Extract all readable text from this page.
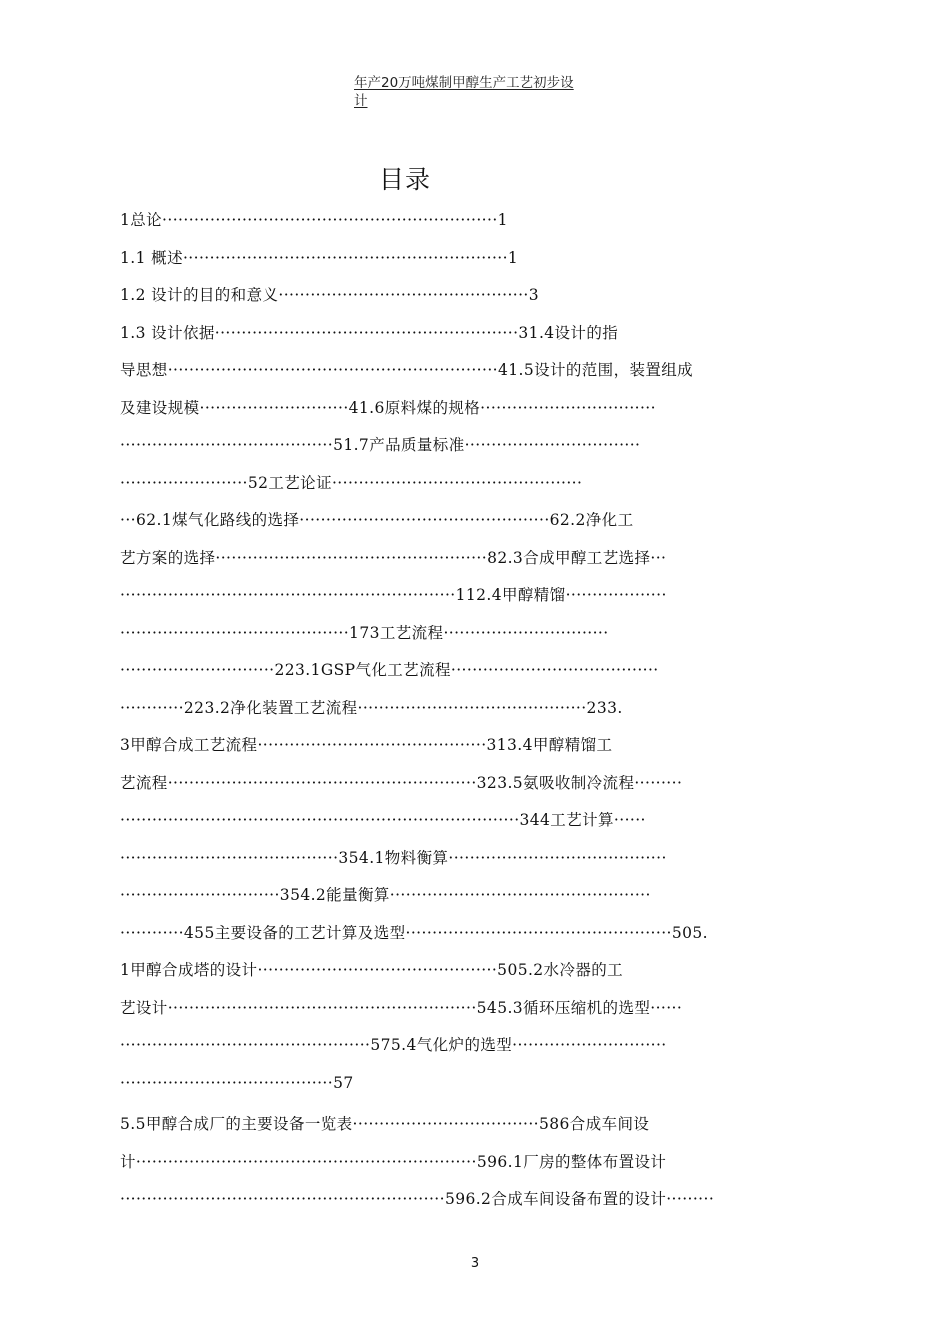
年产20万吨煤制甲醇生产工艺初步设
计
目录
1总论·······························································1
1.1 概述·····························································1
1.2 设计的目的和意义···············································3
1.3 设计依据·························································31.4设计的指
导思想······························································41.5设计的范围，装置组成
及建设规模····························41.6原料煤的规格·································
········································51.7产品质量标准·································
························52工艺论证···············································
···62.1煤气化路线的选择···············································62.2净化工
艺方案的选择···················································82.3合成甲醇工艺选择···
·······························································112.4甲醇精馏···················
···········································173工艺流程·······························
·····························223.1GSP气化工艺流程·······································
············223.2净化装置工艺流程···········································233.
3甲醇合成工艺流程···········································313.4甲醇精馏工
艺流程··························································323.5氨吸收制冷流程·········
···········································································344工艺计算······
·········································354.1物料衡算·········································
······························354.2能量衡算·················································
············455主要设备的工艺计算及选型··················································505.
1甲醇合成塔的设计·············································505.2水冷器的工
艺设计··························································545.3循环压缩机的选型······
···············································575.4气化炉的选型·····························
········································57
5.5甲醇合成厂的主要设备一览表···································586合成车间设
计································································596.1厂房的整体布置设计
·····························································596.2合成车间设备布置的设计·········
3
